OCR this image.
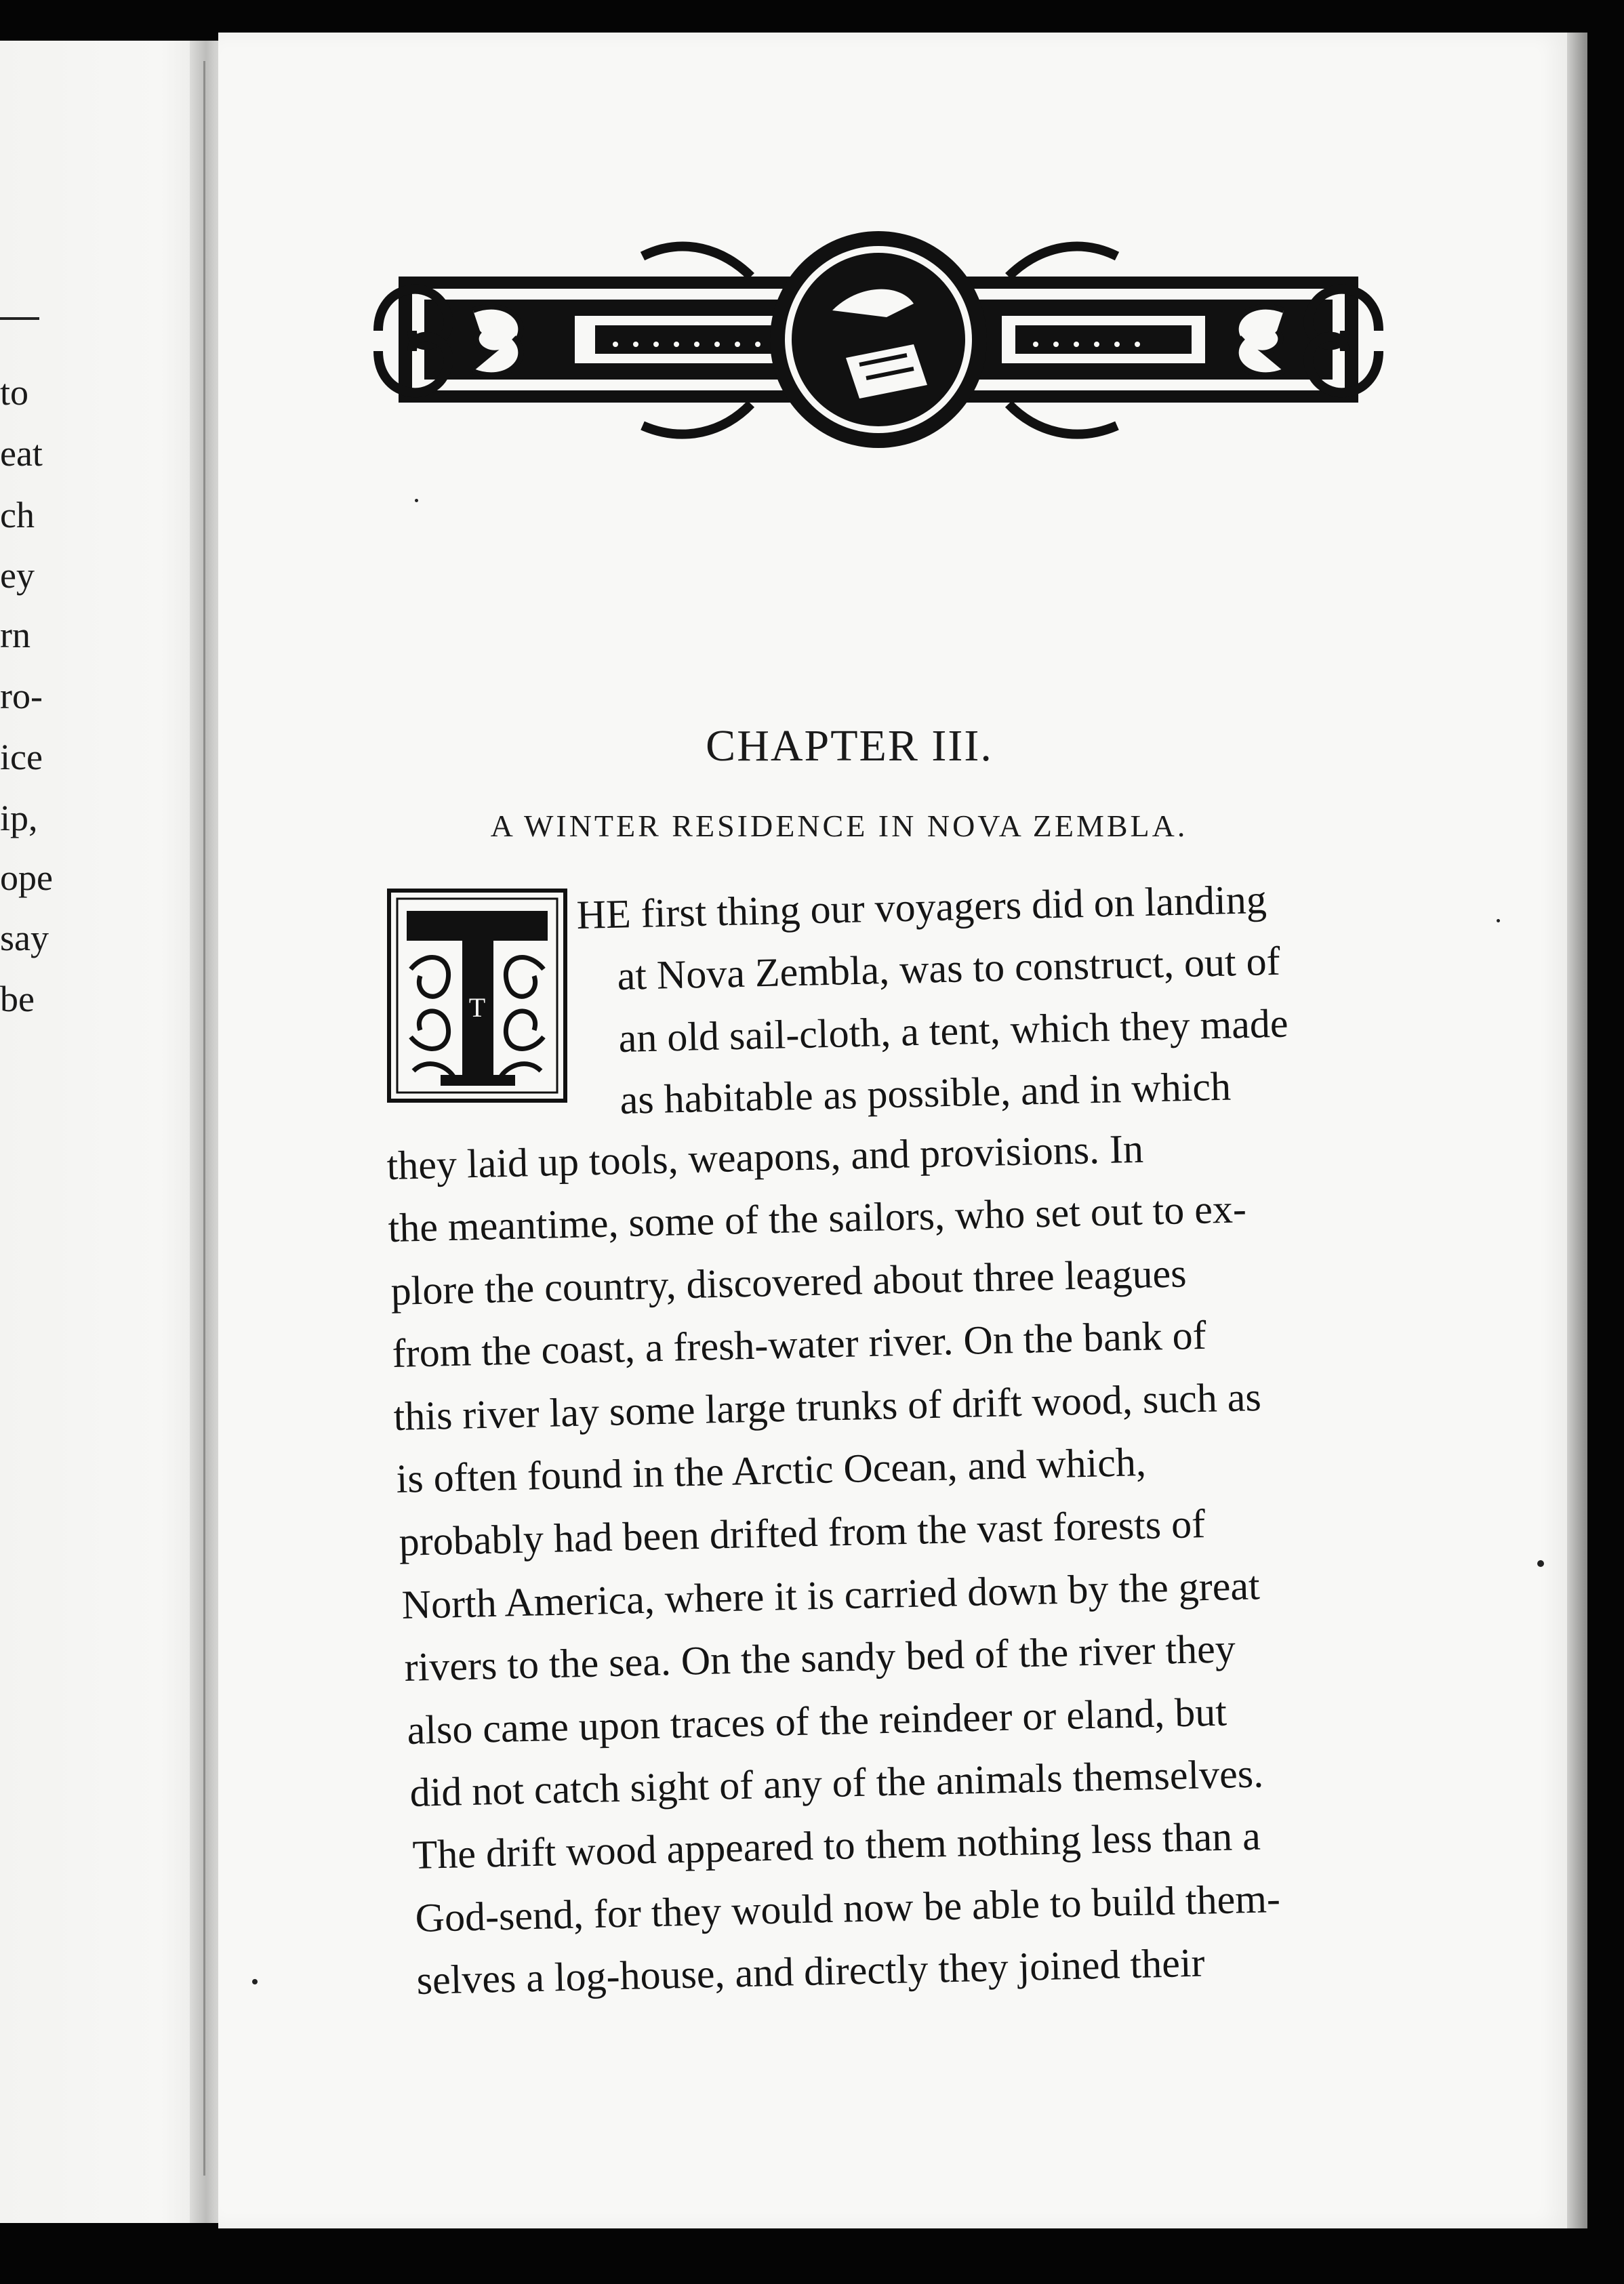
to
eat
ch
ey
rn
ro-
ice
ip,
ope
say
be
CHAPTER III.
A WINTER RESIDENCE IN NOVA ZEMBLA.
T
HE first thing our voyagers did on landing
at Nova Zembla, was to construct, out of
an old sail-cloth, a tent, which they made
as habitable as possible, and in which
they laid up tools, weapons, and provisions. In
the meantime, some of the sailors, who set out to ex-
plore the country, discovered about three leagues
from the coast, a fresh-water river. On the bank of
this river lay some large trunks of drift wood, such as
is often found in the Arctic Ocean, and which,
probably had been drifted from the vast forests of
North America, where it is carried down by the great
rivers to the sea. On the sandy bed of the river they
also came upon traces of the reindeer or eland, but
did not catch sight of any of the animals themselves.
The drift wood appeared to them nothing less than a
God-send, for they would now be able to build them-
selves a log-house, and directly they joined their
